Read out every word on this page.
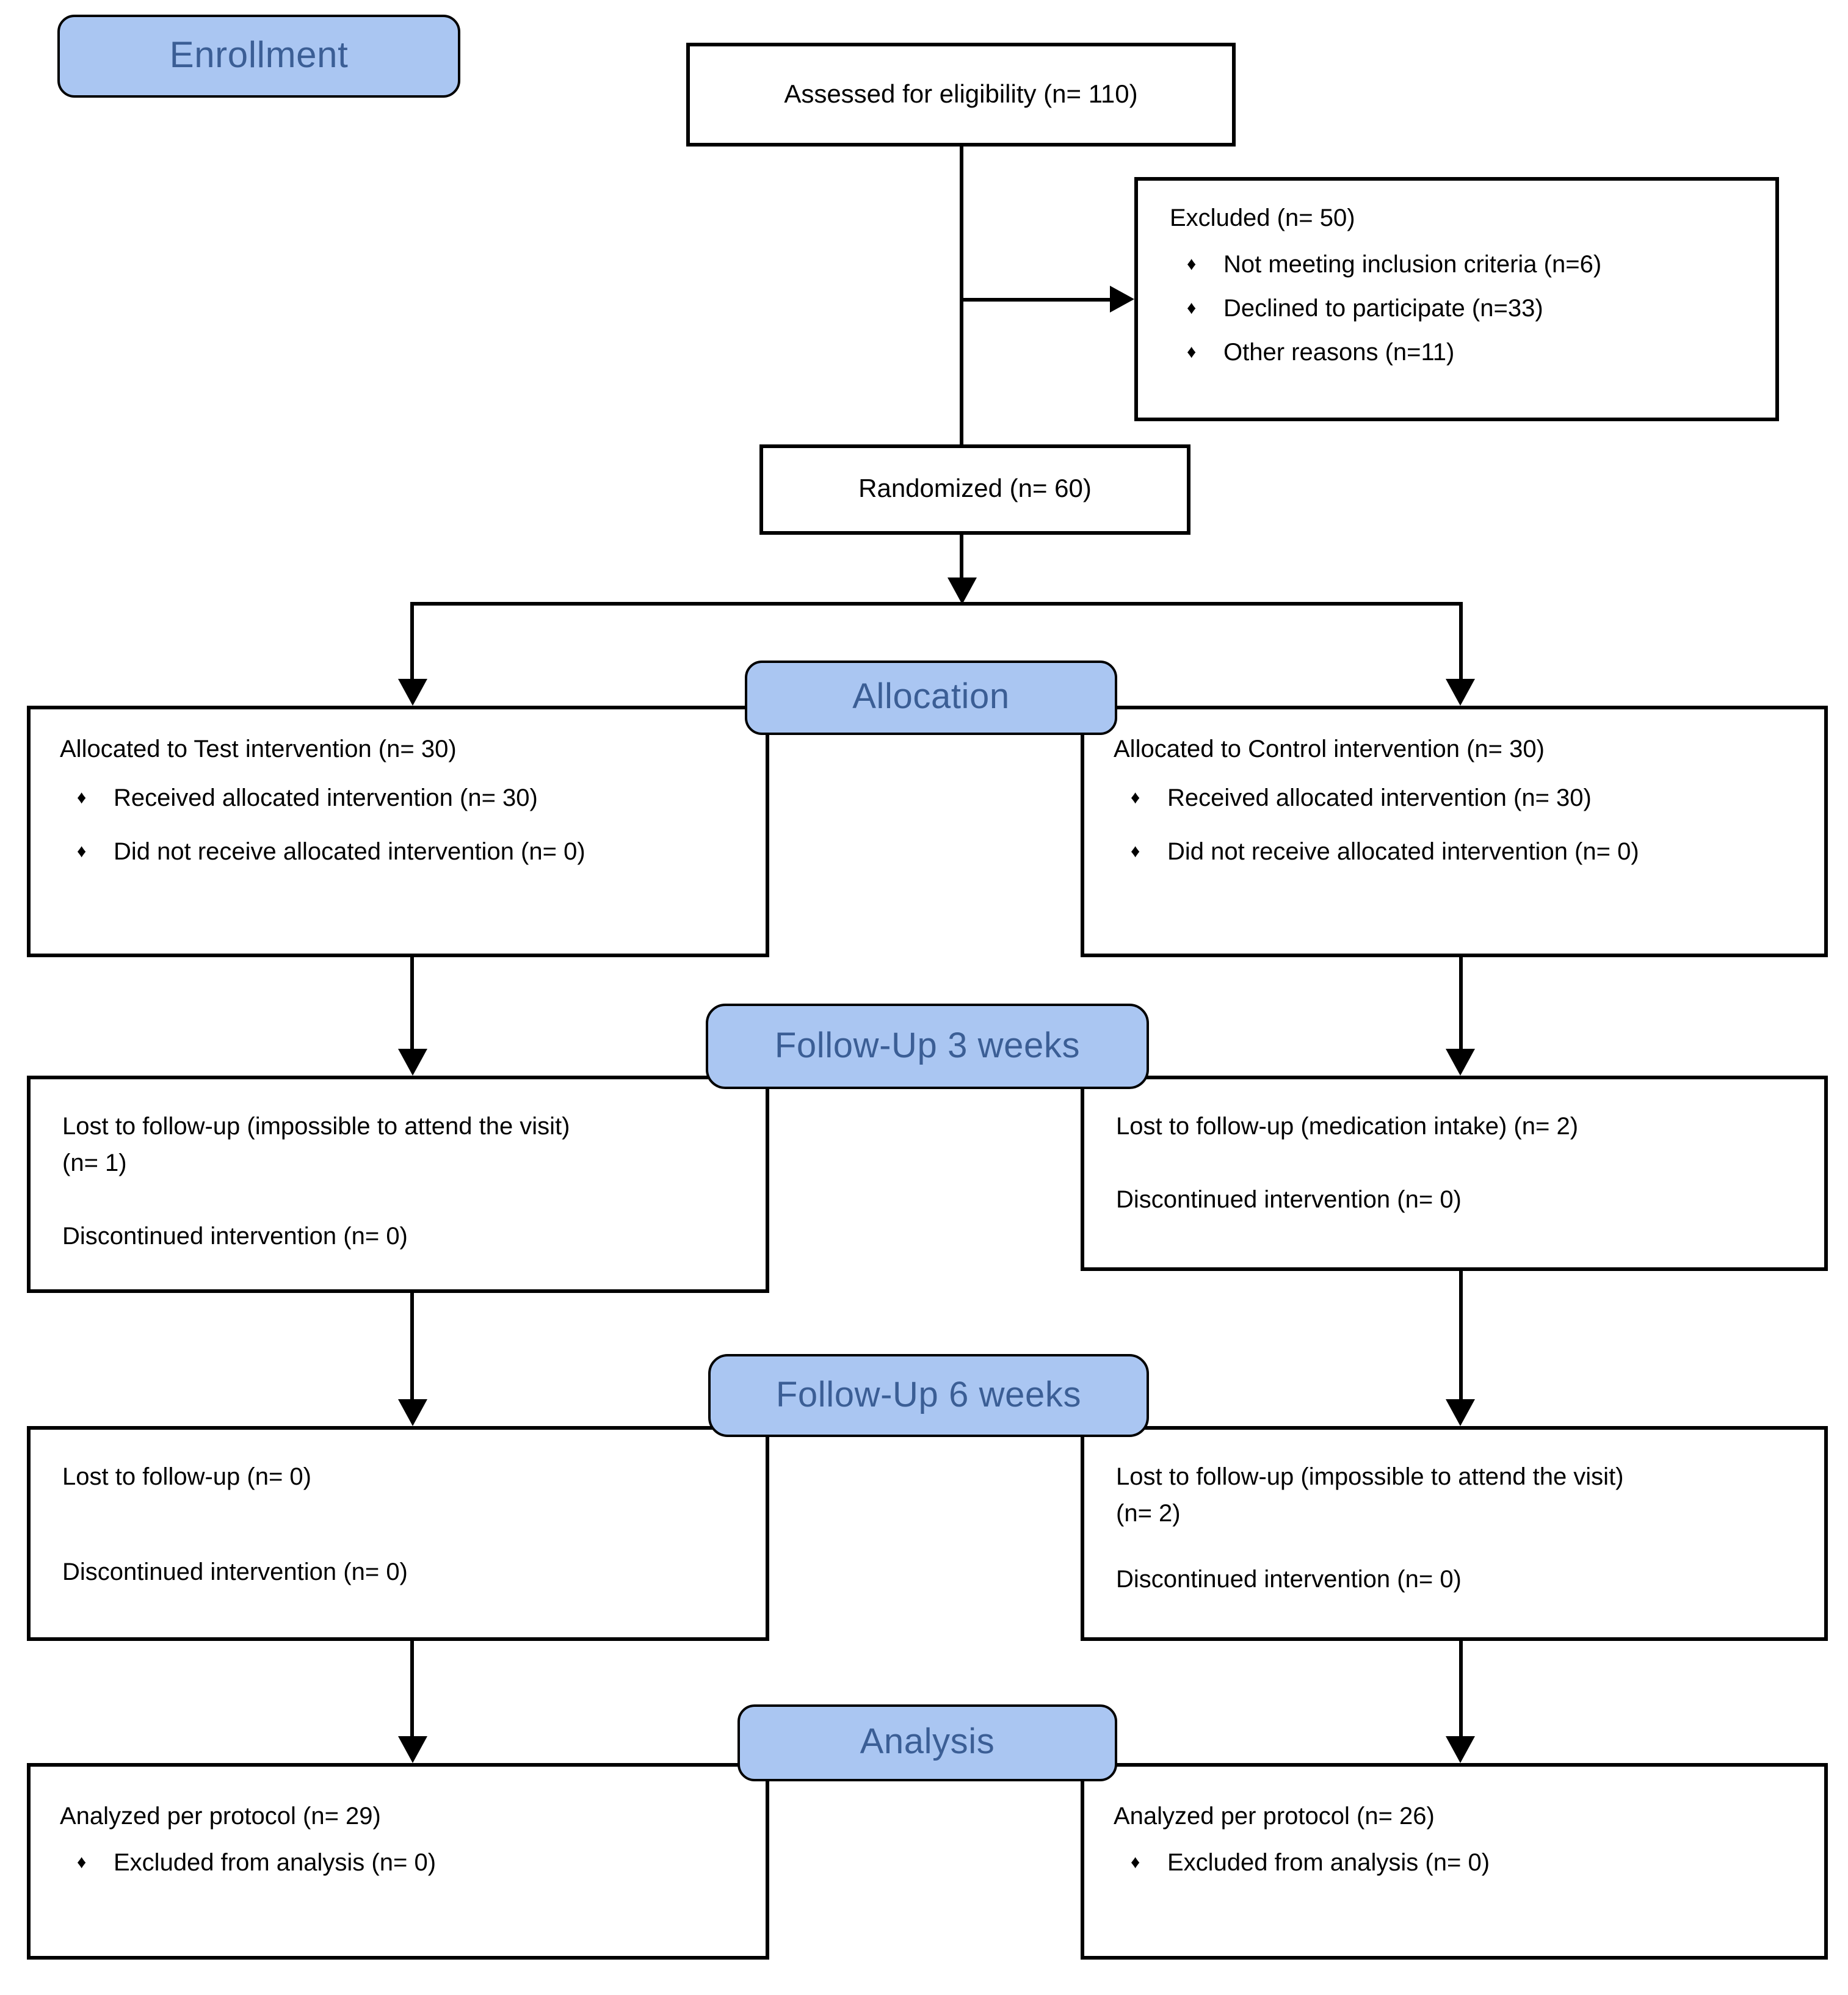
Enrollment
Assessed for eligibility (n= 110)
Excluded (n= 50)
♦ Not meeting inclusion criteria (n=6)
♦ Declined to participate (n=33)
♦ Other reasons (n=11)
Randomized (n= 60)
Allocation
Allocated to Test intervention (n= 30)
♦ Received allocated intervention (n= 30)
♦ Did not receive allocated intervention (n= 0)
Allocated to Control intervention (n= 30)
♦ Received allocated intervention (n= 30)
♦ Did not receive allocated intervention (n= 0)
Follow-Up 3 weeks
Lost to follow-up (impossible to attend the visit)
(n= 1)
Discontinued intervention (n= 0)
Lost to follow-up (medication intake) (n= 2)
Discontinued intervention (n= 0)
Follow-Up 6 weeks
Lost to follow-up (n= 0)
Discontinued intervention (n= 0)
Lost to follow-up (impossible to attend the visit)
(n= 2)
Discontinued intervention (n= 0)
Analysis
Analyzed per protocol (n= 29)
♦ Excluded from analysis (n= 0)
Analyzed per protocol (n= 26)
♦ Excluded from analysis (n= 0)
